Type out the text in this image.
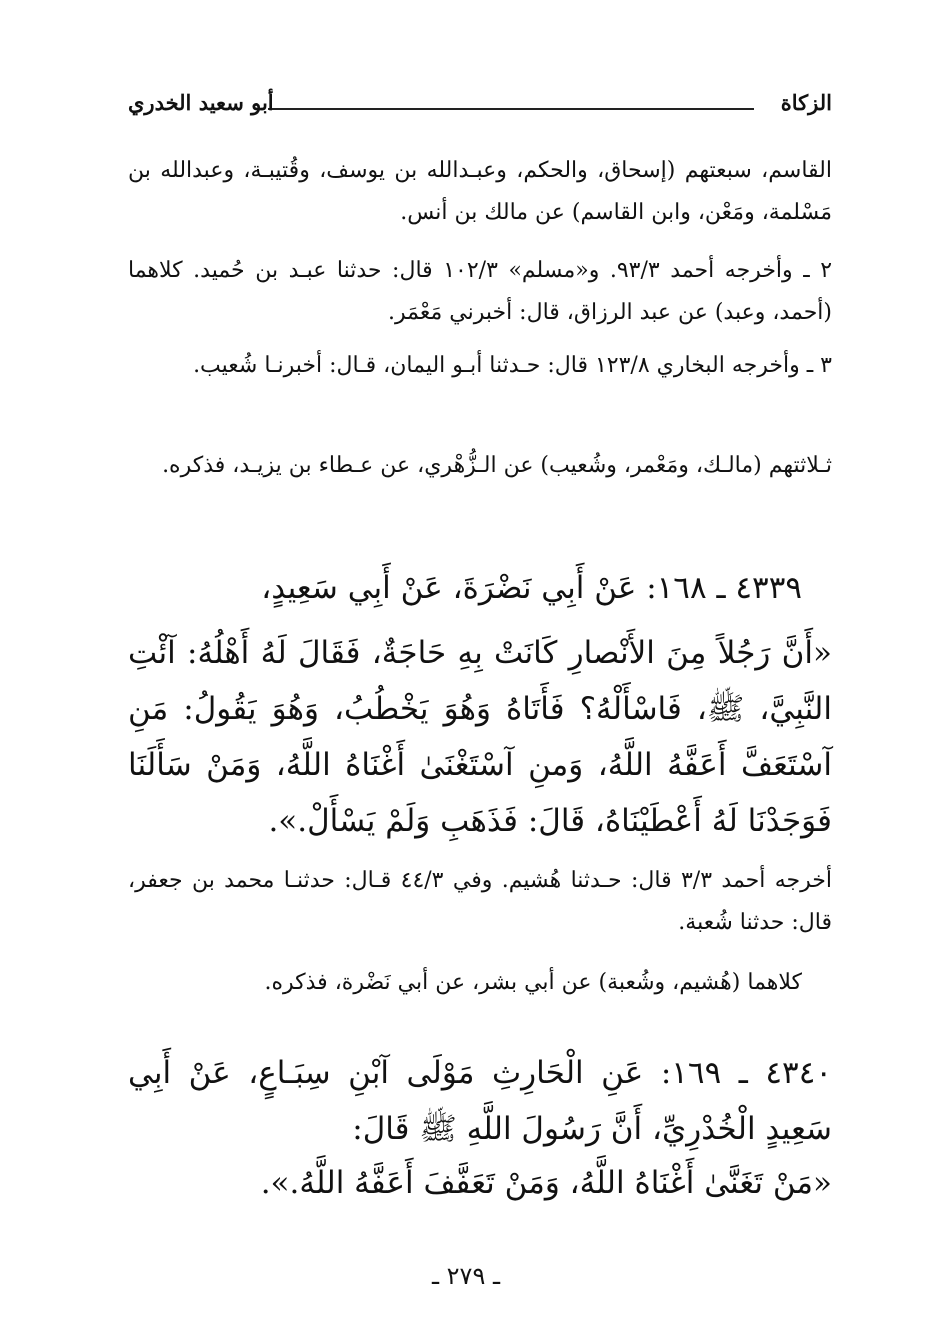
الزكاة
أبو سعيد الخدري
القاسم، سبعتهم (إسحاق، والحكم، وعبـدالله بن يوسف، وقُتيبـة، وعبدالله بن مَسْلمة، ومَعْن، وابن القاسم) عن مالك بن أنس.
٢ ـ وأخرجه أحمد ٩٣/٣. و«مسلم» ١٠٢/٣ قال: حدثنا عبـد بن حُميد. كلاهما (أحمد، وعبد) عن عبد الرزاق، قال: أخبرني مَعْمَر.
٣ ـ وأخرجه البخاري ١٢٣/٨ قال: حـدثنا أبـو اليمان، قـال: أخبرنـا شُعيب.
ثـلاثتهم (مالـك، ومَعْمر، وشُعيب) عن الـزُّهْري، عن عـطاء بن يزيـد، فذكره.
٤٣٣٩ ـ ١٦٨: عَنْ أَبِي نَضْرَةَ، عَنْ أَبِي سَعِيدٍ،
«أَنَّ رَجُلاً مِنَ الأَنْصارِ كَانَتْ بِهِ حَاجَةٌ، فَقَالَ لَهُ أَهْلُهُ: آئْتِ النَّبِيَّ، ﷺ، فَاسْأَلْهُ؟ فَأَتَاهُ وَهُوَ يَخْطُبُ، وَهُوَ يَقُولُ: مَنِ آسْتَعَفَّ أَعَفَّهُ اللَّهُ، وَمنِ آسْتَغْنَىٰ أَغْنَاهُ اللَّهُ، وَمَنْ سَأَلَنَا فَوَجَدْنَا لَهُ أَعْطَيْنَاهُ، قَالَ: فَذَهَبِ وَلَمْ يَسْأَلْ.».
أخرجه أحمد ٣/٣ قال: حـدثنا هُشيم. وفي ٤٤/٣ قـال: حدثنـا محمد بن جعفر، قال: حدثنا شُعبة.
كلاهما (هُشيم، وشُعبة) عن أبي بشر، عن أبي نَضْرة، فذكره.
٤٣٤٠ ـ ١٦٩: عَنِ الْحَارِثِ مَوْلَى آبْنِ سِبَـاعٍ، عَنْ أَبِي سَعِيدٍ الْخُدْرِيِّ، أَنَّ رَسُولَ اللَّهِ ﷺ قَالَ:
«مَنْ تَغَنَّىٰ أَغْنَاهُ اللَّهُ، وَمَنْ تَعَفَّفَ أَعَفَّهُ اللَّهُ.».
ـ ٢٧٩ ـ
